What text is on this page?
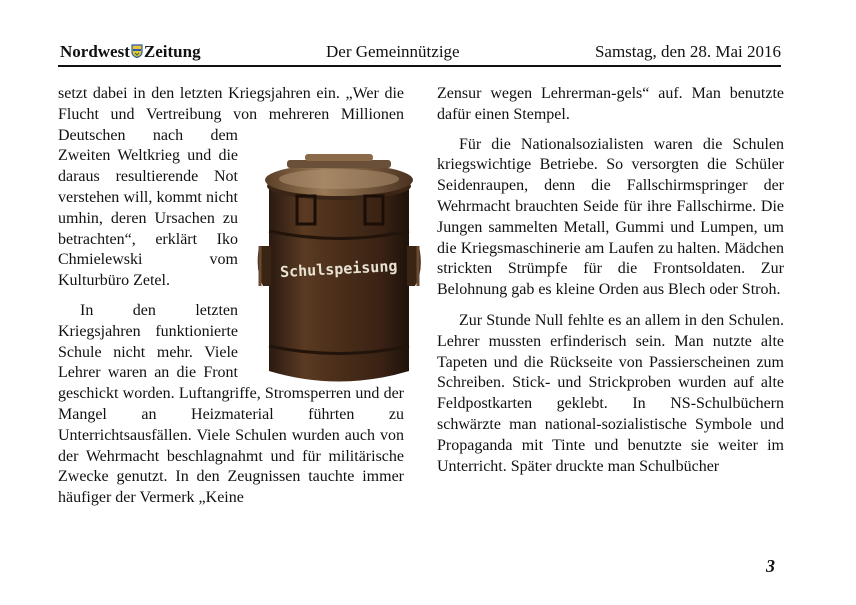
Nordwest Zeitung	Der Gemeinnützige	Samstag, den 28. Mai 2016

setzt dabei in den letzten Kriegsjahren ein. „Wer die Flucht und Vertreibung von mehreren Millionen Deutschen nach dem Zweiten Weltkrieg und die daraus resultierende Not verstehen will, kommt nicht umhin, deren Ursachen zu betrachten“, erklärt Iko Chmielewski vom Kulturbüro Zetel.

In den letzten Kriegsjahren funktionierte Schule nicht mehr. Viele Lehrer waren an die Front geschickt worden. Luftangriffe, Stromsperren und der Mangel an Heizmaterial führten zu Unterrichtsausfällen. Viele Schulen wurden auch von der Wehrmacht beschlagnahmt und für militärische Zwecke genutzt. In den Zeugnissen tauchte immer häufiger der Vermerk „Keine

Schulspeisung

Zensur wegen Lehrerman-gels“ auf. Man benutzte dafür einen Stempel.

Für die Nationalsozialisten waren die Schulen kriegswichtige Betriebe. So versorgten die Schüler Seidenraupen, denn die Fallschirmspringer der Wehrmacht brauchten Seide für ihre Fallschirme. Die Jungen sammelten Metall, Gummi und Lumpen, um die Kriegsmaschinerie am Laufen zu halten. Mädchen strickten Strümpfe für die Frontsoldaten. Zur Belohnung gab es kleine Orden aus Blech oder Stroh.

Zur Stunde Null fehlte es an allem in den Schulen. Lehrer mussten erfinderisch sein. Man nutzte alte Tapeten und die Rückseite von Passierscheinen zum Schreiben. Stick- und Strickproben wurden auf alte Feldpostkarten geklebt. In NS-Schulbüchern schwärzte man national-sozialistische Symbole und Propaganda mit Tinte und benutzte sie weiter im Unterricht. Später druckte man Schulbücher

3
